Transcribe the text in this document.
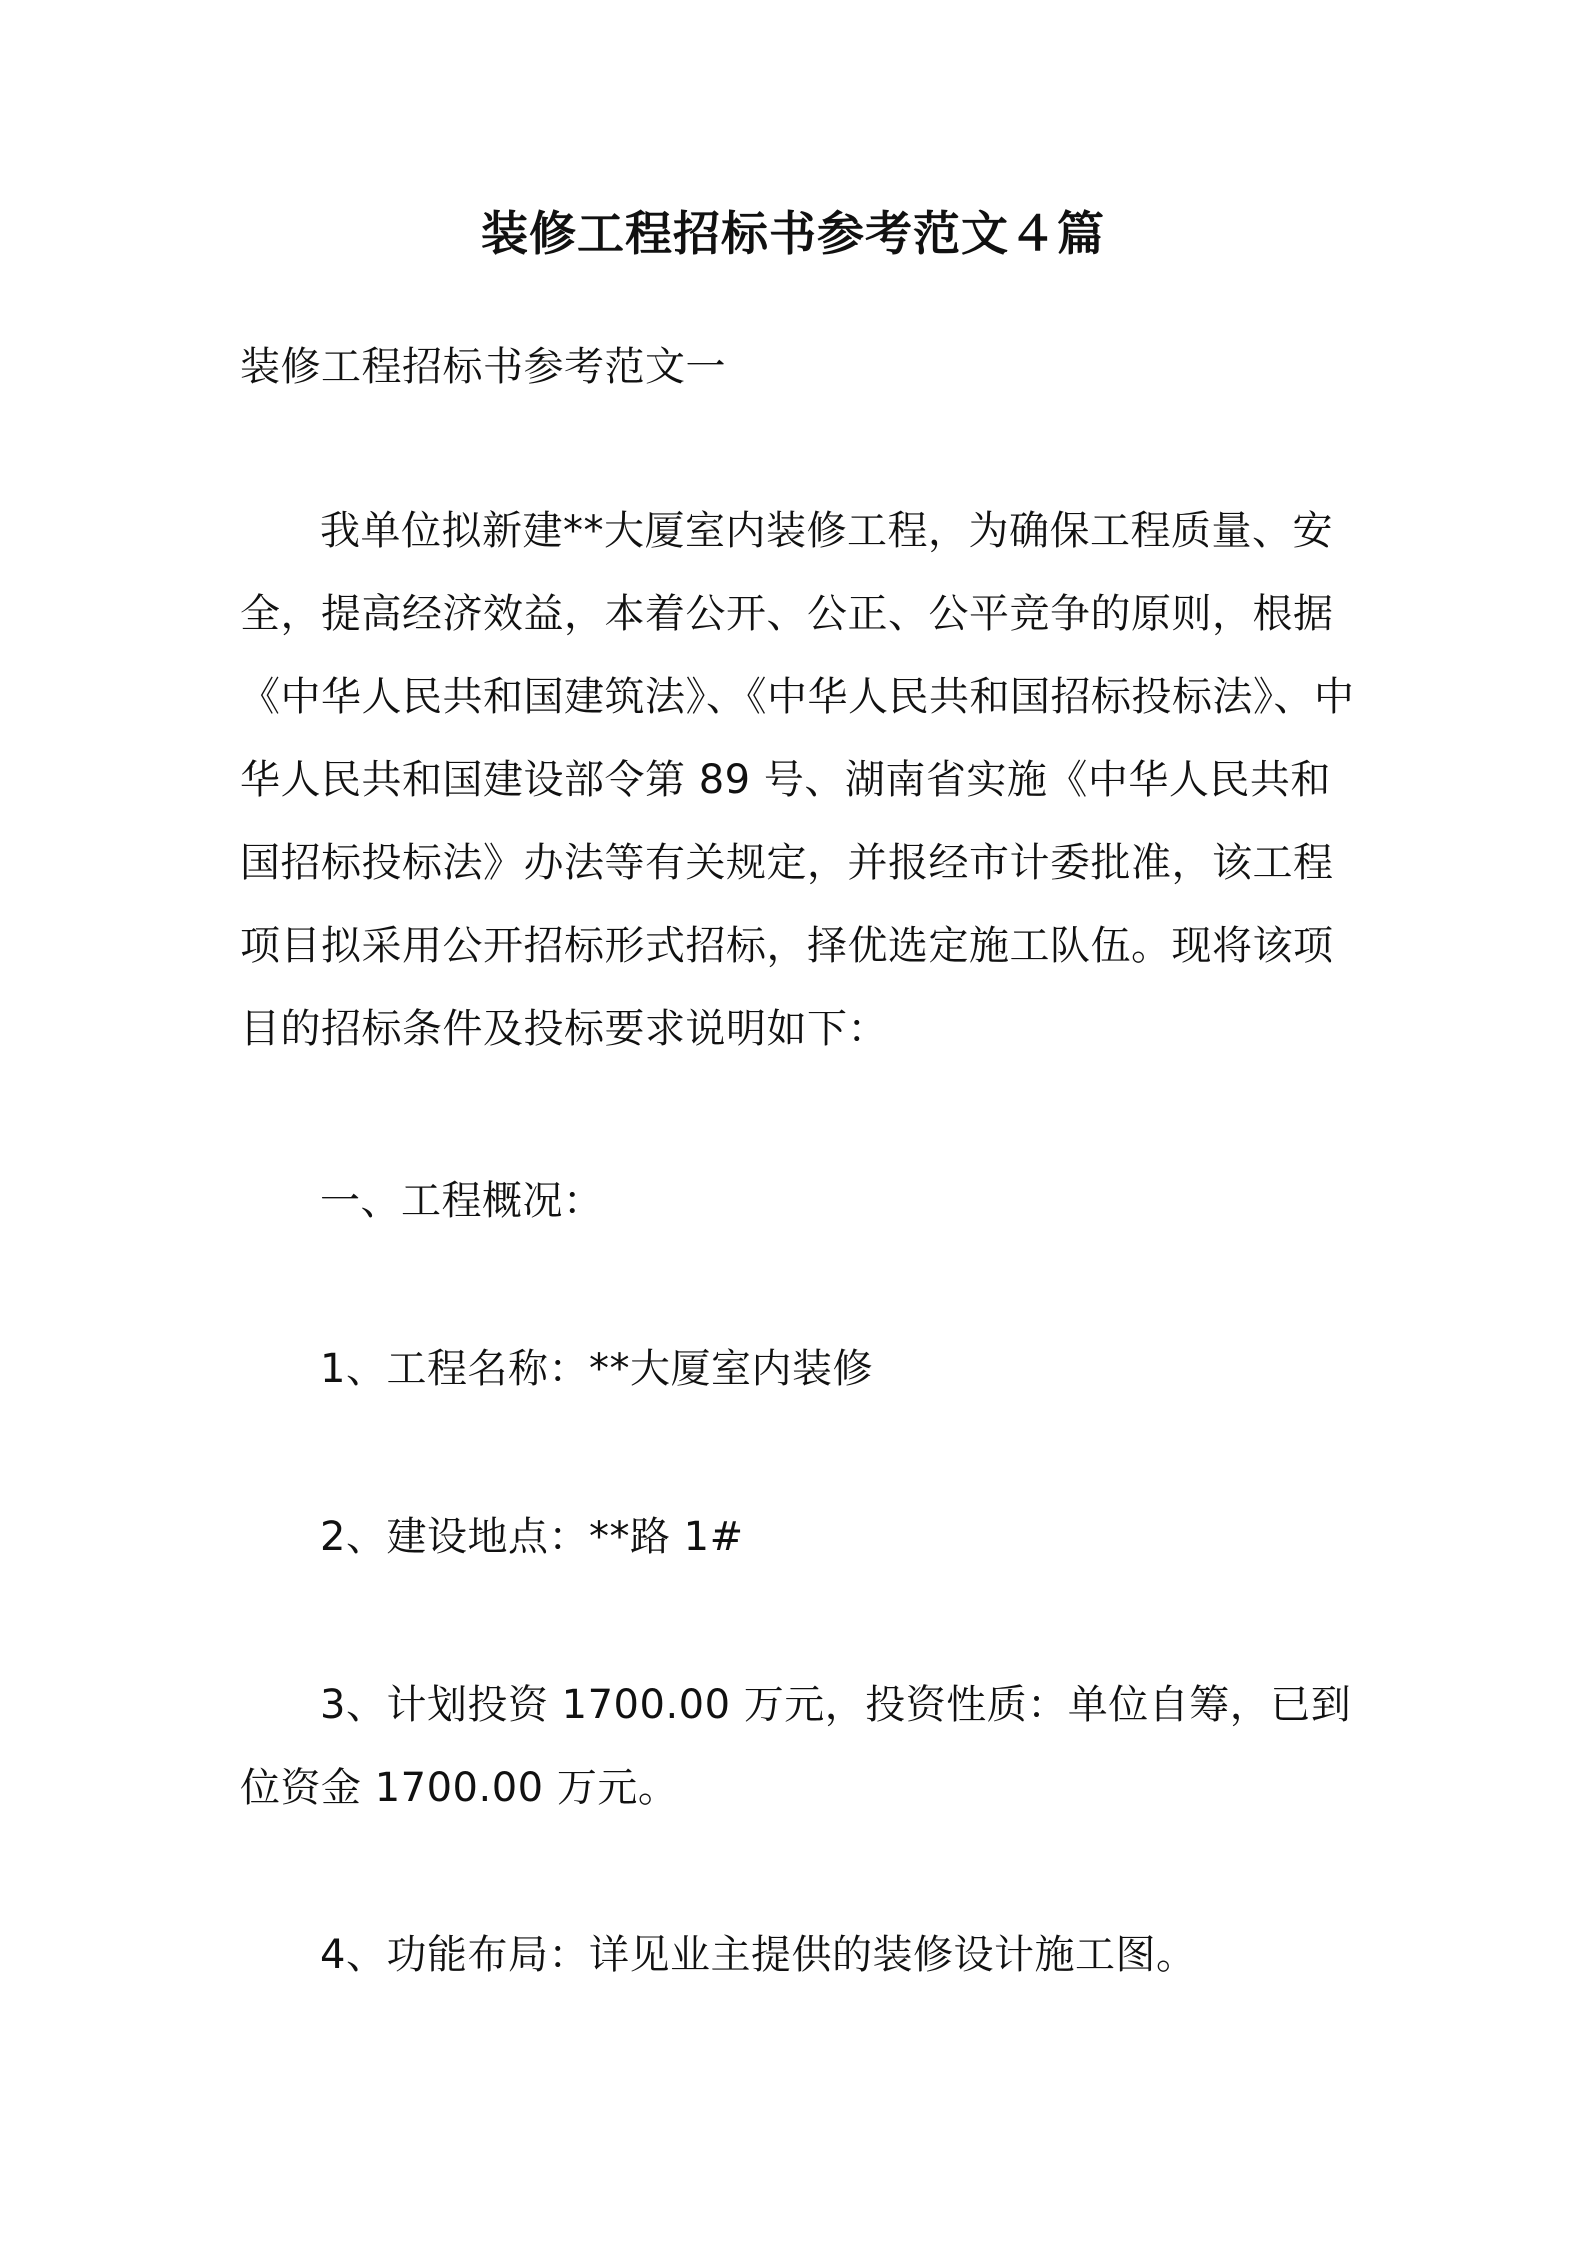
装修工程招标书参考范文４篇
装修工程招标书参考范文一
我单位拟新建**大厦室内装修工程，为确保工程质量、安全，提高经济效益，本着公开、公正、公平竞争的原则，根据《中华人民共和国建筑法》、《中华人民共和国招标投标法》、中华人民共和国建设部令第 89 号、湖南省实施《中华人民共和国招标投标法》办法等有关规定，并报经市计委批准，该工程项目拟采用公开招标形式招标，择优选定施工队伍。现将该项目的招标条件及投标要求说明如下：
一、工程概况：
1、工程名称：**大厦室内装修
2、建设地点：**路 1#
3、计划投资 1700.00 万元，投资性质：单位自筹，已到位资金 1700.00 万元。
4、功能布局：详见业主提供的装修设计施工图。
